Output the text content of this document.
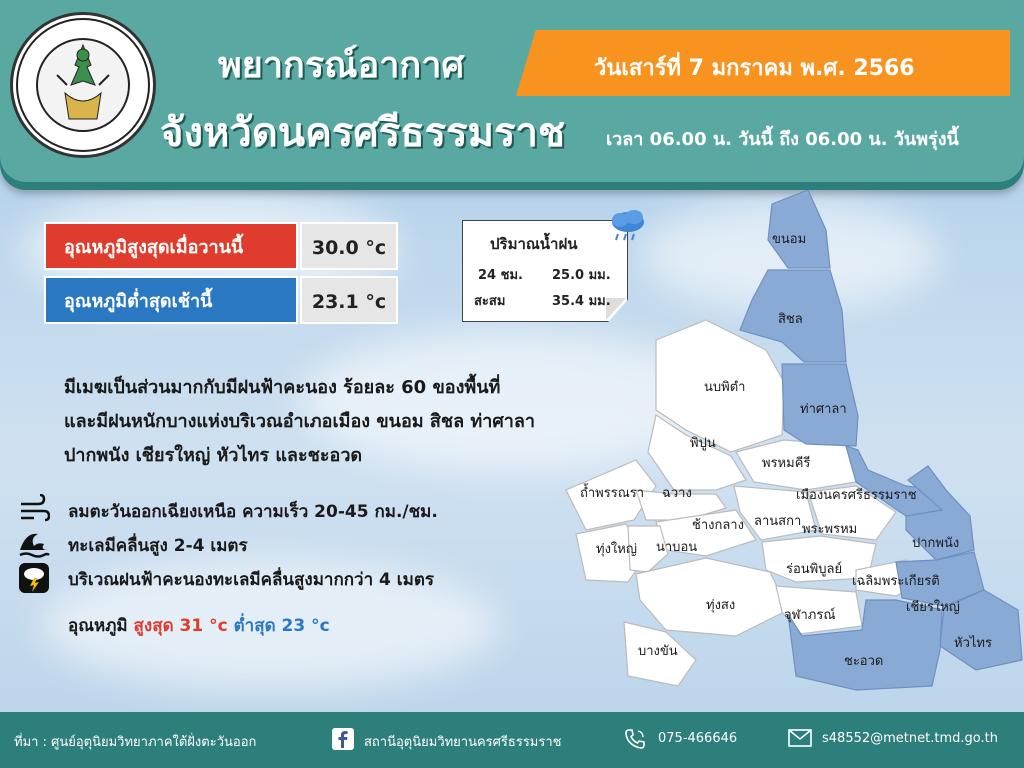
พยากรณ์อากาศ
จังหวัดนครศรีธรรมราช
วันเสาร์ที่ 7 มกราคม พ.ศ. 2566
เวลา 06.00 น. วันนี้ ถึง 06.00 น. วันพรุ่งนี้
อุณหภูมิสูงสุดเมื่อวานนี้	30.0 °c
อุณหภูมิต่ำสุดเช้านี้	23.1 °c
ปริมาณน้ำฝน
24 ชม. 25.0 มม.
สะสม	35.4 มม.
มีเมฆเป็นส่วนมากกับมีฝนฟ้าคะนอง ร้อยละ 60 ของพื้นที่
และมีฝนหนักบางแห่งบริเวณอำเภอเมือง ขนอม สิชล ท่าศาลา
ปากพนัง เชียรใหญ่ หัวไทร และชะอวด
ลมตะวันออกเฉียงเหนือ ความเร็ว 20-45 กม./ชม.
ทะเลมีคลื่นสูง 2-4 เมตร
บริเวณฝนฟ้าคะนองทะเลมีคลื่นสูงมากกว่า 4 เมตร
อุณหภูมิ สูงสุด 31 °c ต่ำสุด 23 °c
ขนอม
สิชล
ท่าศาลา
นบพิตำ
พิปูน
พรหมคีรี
เมืองนครศรีธรรมราช
ถ้ำพรรณรา ฉวาง
ช้างกลาง ลานสกา
พระพรหม
ปากพนัง
ทุ่งใหญ่ นาบอน
ร่อนพิบูลย์
เฉลิมพระเกียรติ
เชียรใหญ่
ทุ่งสง
จุฬาภรณ์
หัวไทร
บางขัน
ชะอวด
ที่มา : ศูนย์อุตุนิยมวิทยาภาคใต้ฝั่งตะวันออก	สถานีอุตุนิยมวิทยานครศรีธรรมราช	075-466646	s48552@metnet.tmd.go.th
